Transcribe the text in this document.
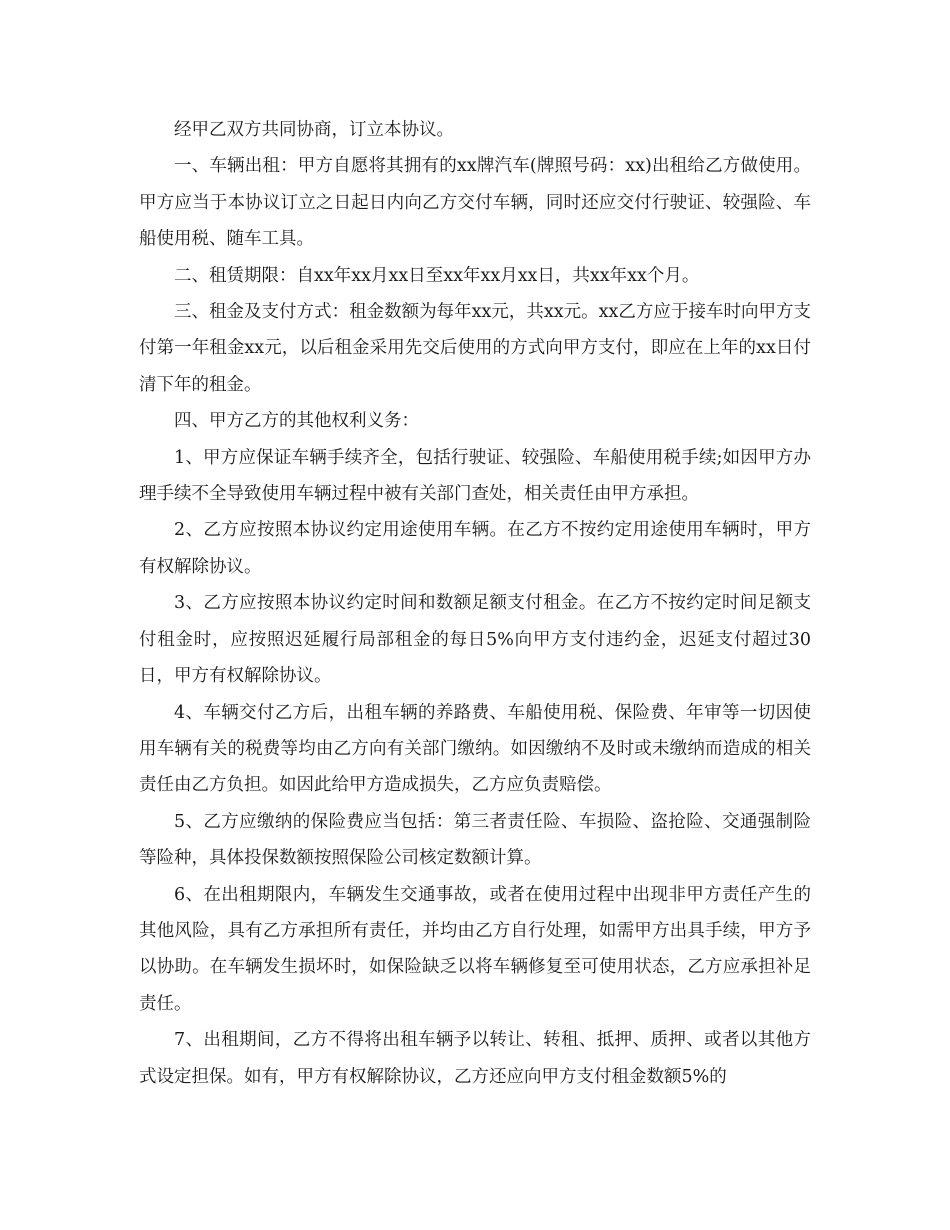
经甲乙双方共同协商，订立本协议。

一、车辆出租：甲方自愿将其拥有的xx牌汽车(牌照号码：xx)出租给乙方做使用。甲方应当于本协议订立之日起日内向乙方交付车辆，同时还应交付行驶证、较强险、车船使用税、随车工具。

二、租赁期限：自xx年xx月xx日至xx年xx月xx日，共xx年xx个月。

三、租金及支付方式：租金数额为每年xx元，共xx元。xx乙方应于接车时向甲方支付第一年租金xx元，以后租金采用先交后使用的方式向甲方支付，即应在上年的xx日付清下年的租金。

四、甲方乙方的其他权利义务：

1、甲方应保证车辆手续齐全，包括行驶证、较强险、车船使用税手续;如因甲方办理手续不全导致使用车辆过程中被有关部门查处，相关责任由甲方承担。

2、乙方应按照本协议约定用途使用车辆。在乙方不按约定用途使用车辆时，甲方有权解除协议。

3、乙方应按照本协议约定时间和数额足额支付租金。在乙方不按约定时间足额支付租金时，应按照迟延履行局部租金的每日5%向甲方支付违约金，迟延支付超过30日，甲方有权解除协议。

4、车辆交付乙方后，出租车辆的养路费、车船使用税、保险费、年审等一切因使用车辆有关的税费等均由乙方向有关部门缴纳。如因缴纳不及时或未缴纳而造成的相关责任由乙方负担。如因此给甲方造成损失，乙方应负责赔偿。

5、乙方应缴纳的保险费应当包括：第三者责任险、车损险、盗抢险、交通强制险等险种，具体投保数额按照保险公司核定数额计算。

6、在出租期限内，车辆发生交通事故，或者在使用过程中出现非甲方责任产生的其他风险，具有乙方承担所有责任，并均由乙方自行处理，如需甲方出具手续，甲方予以协助。在车辆发生损坏时，如保险缺乏以将车辆修复至可使用状态，乙方应承担补足责任。

7、出租期间，乙方不得将出租车辆予以转让、转租、抵押、质押、或者以其他方式设定担保。如有，甲方有权解除协议，乙方还应向甲方支付租金数额5%的
